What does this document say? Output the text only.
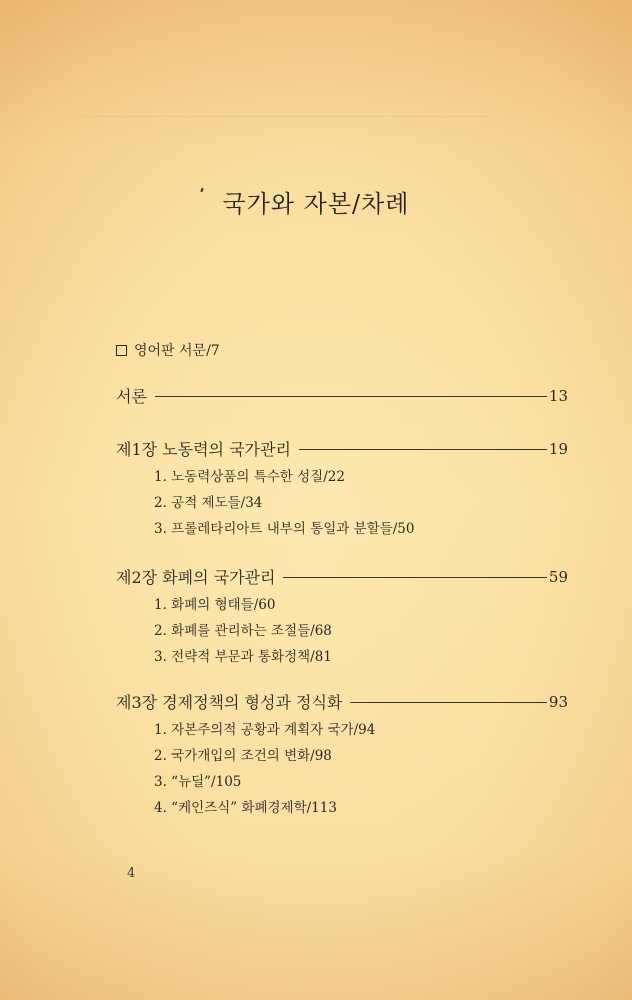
국가와 자본/차례
영어판 서문/7
서론	13
제1장 노동력의 국가관리	19
1. 노동력상품의 특수한 성질/22
2. 공적 제도들/34
3. 프롤레타리아트 내부의 통일과 분할들/50
제2장 화폐의 국가관리	59
1. 화폐의 형태들/60
2. 화폐를 관리하는 조절들/68
3. 전략적 부문과 통화정책/81
제3장 경제정책의 형성과 정식화	93
1. 자본주의적 공황과 계획자 국가/94
2. 국가개입의 조건의 변화/98
3. “뉴딜”/105
4. “케인즈식” 화폐경제학/113
4
